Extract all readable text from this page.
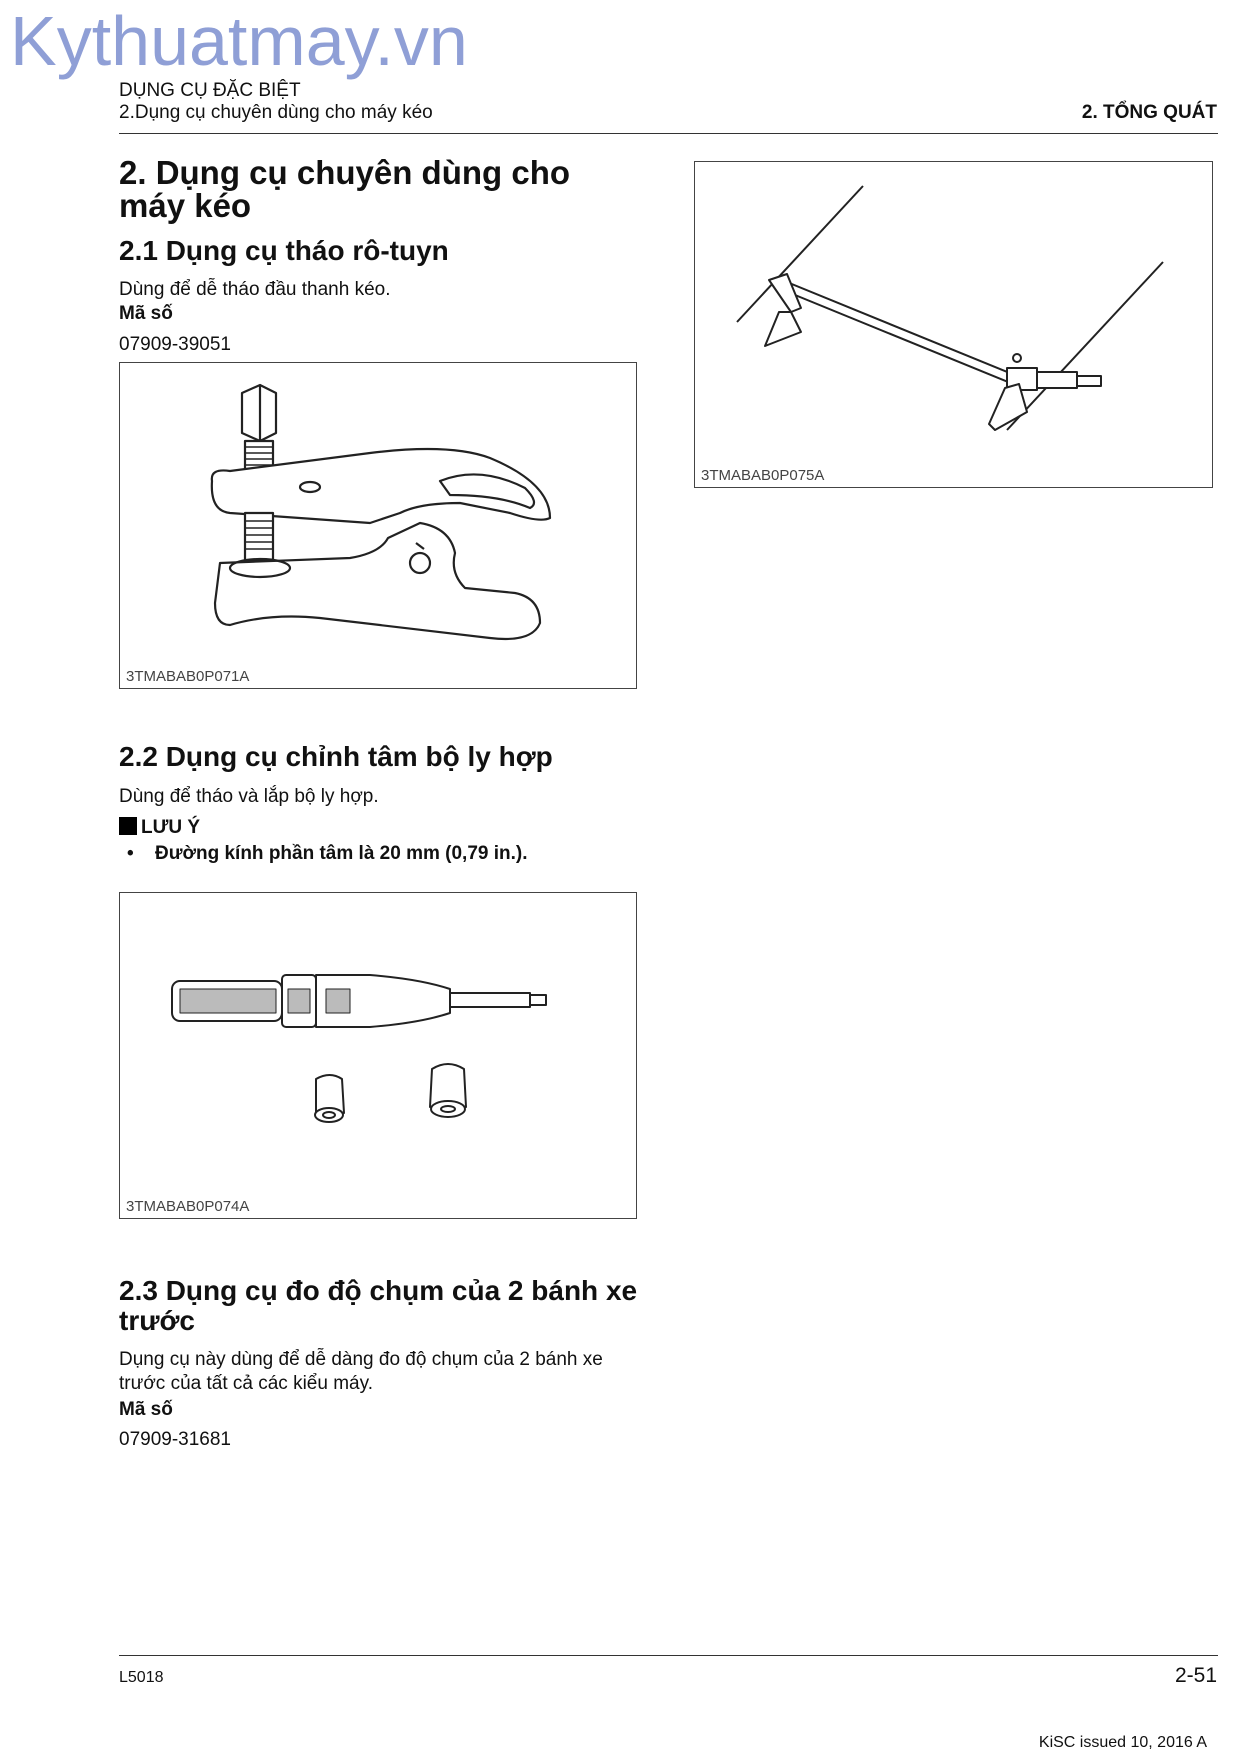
Kythuatmay.vn
DỤNG CỤ ĐẶC BIỆT
2.Dụng cụ chuyên dùng cho máy kéo	2. TỔNG QUÁT
2. Dụng cụ chuyên dùng cho máy kéo
2.1 Dụng cụ tháo rô-tuyn
Dùng để dễ tháo đầu thanh kéo.
Mã số
07909-39051
3TMABAB0P071A
2.2 Dụng cụ chỉnh tâm bộ ly hợp
Dùng để tháo và lắp bộ ly hợp.
LƯU Ý
• Đường kính phần tâm là 20 mm (0,79 in.).
3TMABAB0P074A
2.3 Dụng cụ đo độ chụm của 2 bánh xe trước
Dụng cụ này dùng để dễ dàng đo độ chụm của 2 bánh xe trước của tất cả các kiểu máy.
Mã số
07909-31681
3TMABAB0P075A
L5018	2-51
KiSC issued 10, 2016 A
